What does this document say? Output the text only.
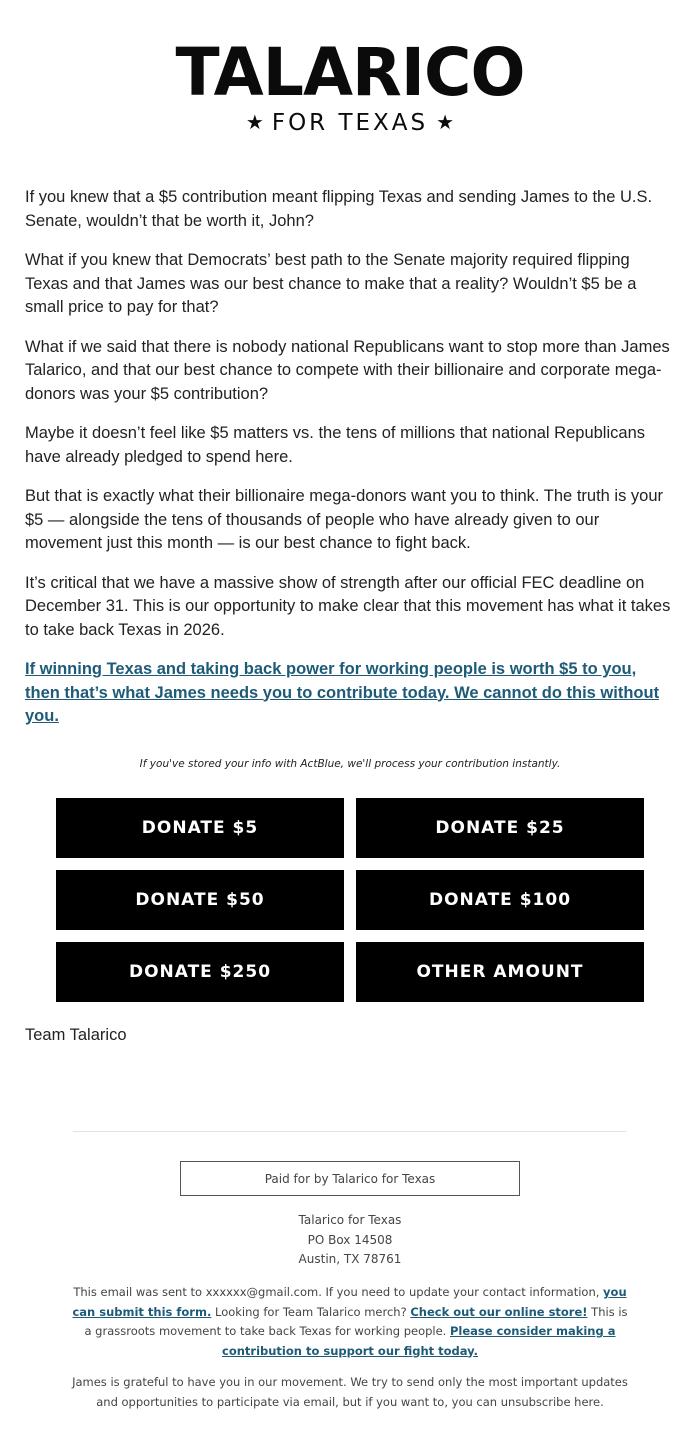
TALARICO
★ FOR TEXAS ★

If you knew that a $5 contribution meant flipping Texas and sending James to the U.S. Senate, wouldn’t that be worth it, John?

What if you knew that Democrats’ best path to the Senate majority required flipping Texas and that James was our best chance to make that a reality? Wouldn’t $5 be a small price to pay for that?

What if we said that there is nobody national Republicans want to stop more than James Talarico, and that our best chance to compete with their billionaire and corporate mega-donors was your $5 contribution?

Maybe it doesn’t feel like $5 matters vs. the tens of millions that national Republicans have already pledged to spend here.

But that is exactly what their billionaire mega-donors want you to think. The truth is your $5 — alongside the tens of thousands of people who have already given to our movement just this month — is our best chance to fight back.

It’s critical that we have a massive show of strength after our official FEC deadline on December 31. This is our opportunity to make clear that this movement has what it takes to take back Texas in 2026.

If winning Texas and taking back power for working people is worth $5 to you, then that’s what James needs you to contribute today. We cannot do this without you.

If you've stored your info with ActBlue, we'll process your contribution instantly.
DONATE $5	DONATE $25
DONATE $50	DONATE $100
DONATE $250	OTHER AMOUNT
Team Talarico
Paid for by Talarico for Texas
Talarico for Texas
PO Box 14508
Austin, TX 78761
This email was sent to xxxxxx@gmail.com. If you need to update your contact information, you can submit this form. Looking for Team Talarico merch? Check out our online store! This is a grassroots movement to take back Texas for working people. Please consider making a contribution to support our fight today.
James is grateful to have you in our movement. We try to send only the most important updates and opportunities to participate via email, but if you want to, you can unsubscribe here.
